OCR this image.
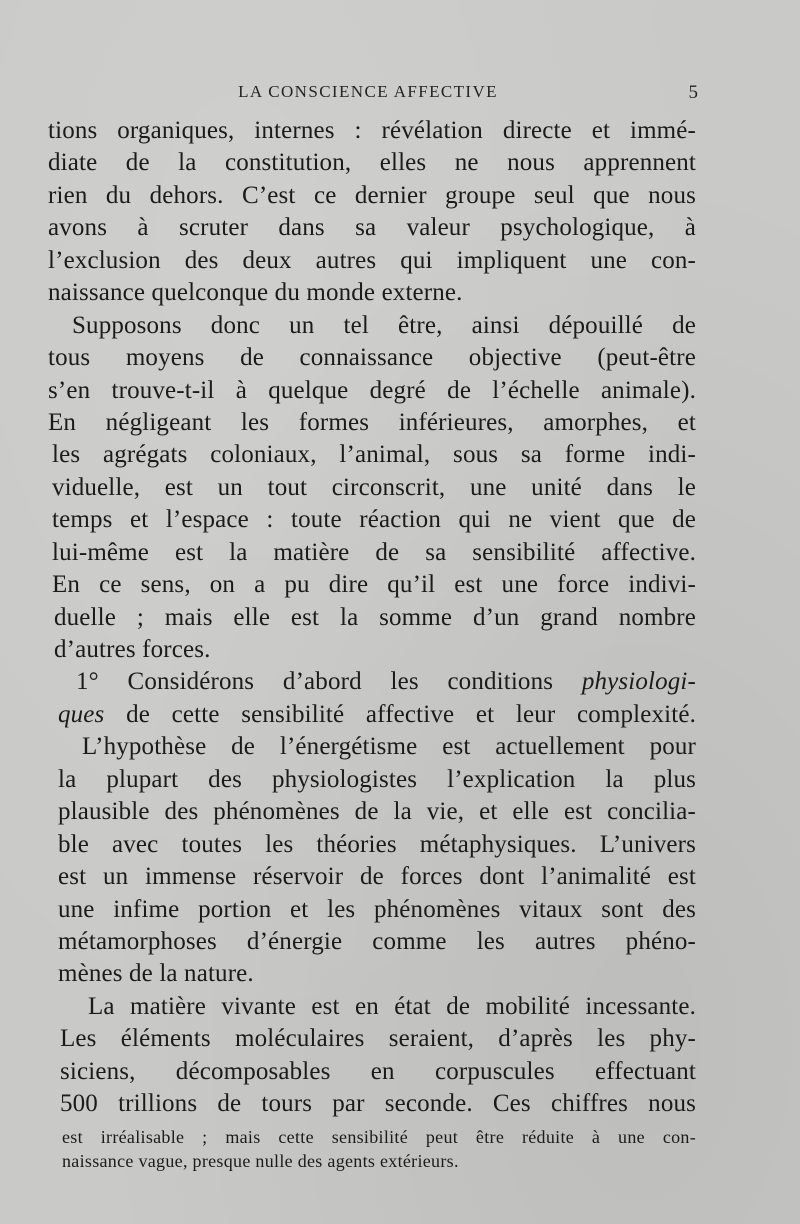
LA CONSCIENCE AFFECTIVE	5
tions organiques, internes : révélation directe et immé-
diate de la constitution, elles ne nous apprennent
rien du dehors. C’est ce dernier groupe seul que nous
avons à scruter dans sa valeur psychologique, à
l’exclusion des deux autres qui impliquent une con-
naissance quelconque du monde externe.
Supposons donc un tel être, ainsi dépouillé de
tous moyens de connaissance objective (peut-être
s’en trouve-t-il à quelque degré de l’échelle animale).
En négligeant les formes inférieures, amorphes, et
les agrégats coloniaux, l’animal, sous sa forme indi-
viduelle, est un tout circonscrit, une unité dans le
temps et l’espace : toute réaction qui ne vient que de
lui-même est la matière de sa sensibilité affective.
En ce sens, on a pu dire qu’il est une force indivi-
duelle ; mais elle est la somme d’un grand nombre
d’autres forces.
1° Considérons d’abord les conditions physiologi-
ques de cette sensibilité affective et leur complexité.
L’hypothèse de l’énergétisme est actuellement pour
la plupart des physiologistes l’explication la plus
plausible des phénomènes de la vie, et elle est concilia-
ble avec toutes les théories métaphysiques. L’univers
est un immense réservoir de forces dont l’animalité est
une infime portion et les phénomènes vitaux sont des
métamorphoses d’énergie comme les autres phéno-
mènes de la nature.
La matière vivante est en état de mobilité incessante.
Les éléments moléculaires seraient, d’après les phy-
siciens, décomposables en corpuscules effectuant
500 trillions de tours par seconde. Ces chiffres nous
est irréalisable ; mais cette sensibilité peut être réduite à une con-
naissance vague, presque nulle des agents extérieurs.
